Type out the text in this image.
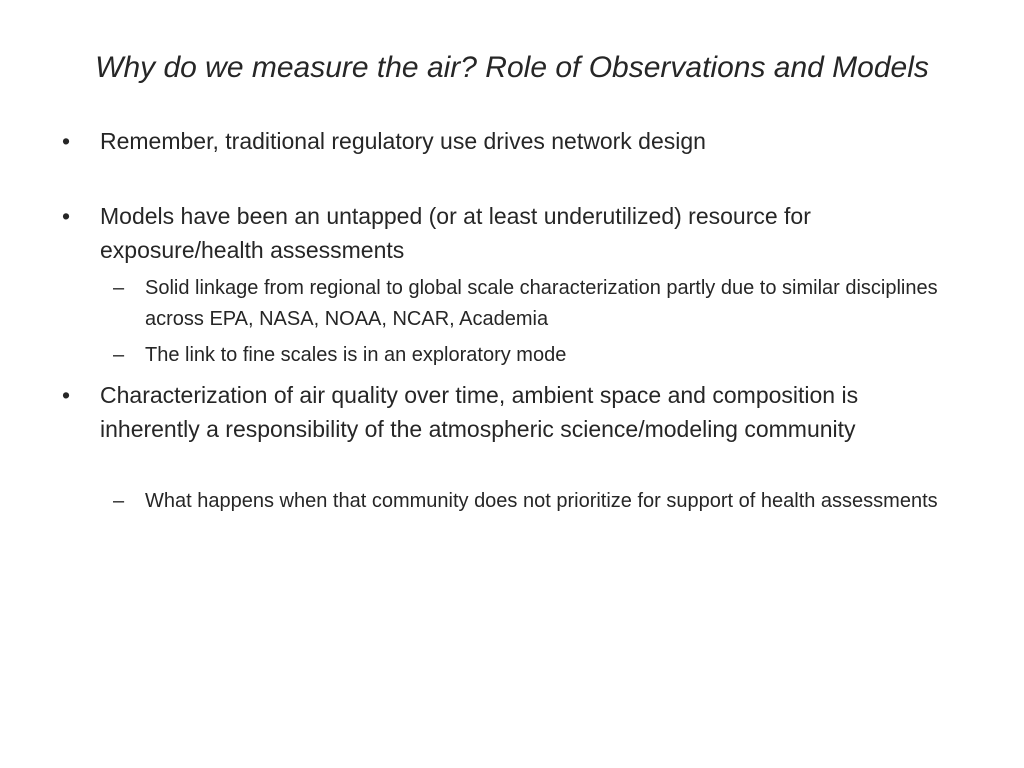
Why do we measure the air? Role of Observations and Models
• Remember, traditional regulatory use drives network design
• Models have been an untapped (or at least underutilized) resource for exposure/health assessments
– Solid linkage from regional to global scale characterization partly due to similar disciplines across EPA, NASA, NOAA, NCAR, Academia
– The link to fine scales is in an exploratory mode
• Characterization of air quality over time, ambient space and composition is inherently a responsibility of the atmospheric science/modeling community
– What happens when that community does not prioritize for support of health assessments
